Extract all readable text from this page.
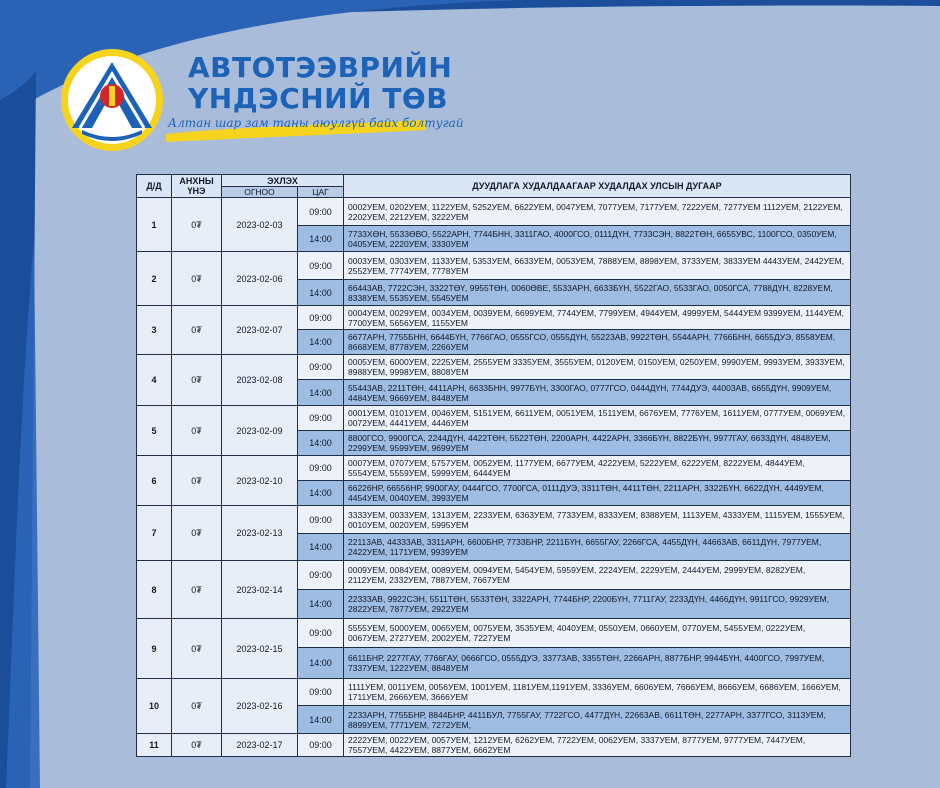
АВТОТЭЭВРИЙН
ҮНДЭСНИЙ ТӨВ
Алтан шар зам таны аюулгүй байх болтугай
Д/Д	АНХНЫ ҮНЭ	ЭХЛЭХ		ДУУДЛАГА ХУДАЛДААГААР ХУДАЛДАХ УЛСЫН ДУГААР
		ОГНОО	ЦАГ	
1	0₮	2023-02-03	09:00	0002УЕМ, 0202УЕМ, 1122УЕМ, 5252УЕМ, 6622УЕМ, 0047УЕМ, 7077УЕМ, 7177УЕМ, 7222УЕМ, 7277УЕМ 1112УЕМ, 2122УЕМ, 2202УЕМ, 2212УЕМ, 3222УЕМ
			14:00	7733ХӨН, 5533ӨВО, 5522АРН, 7744БНН, 3311ГАО, 4000ГСО, 0111ДҮН, 7733СЭН, 8822ТӨН, 6655УВС, 1100ГСО, 0350УЕМ, 0405УЕМ, 2220УЕМ, 3330УЕМ
2	0₮	2023-02-06	09:00	0003УЕМ, 0303УЕМ, 1133УЕМ, 5353УЕМ, 6633УЕМ, 0053УЕМ, 7888УЕМ, 8898УЕМ, 3733УЕМ, 3833УЕМ 4443УЕМ, 2442УЕМ, 2552УЕМ, 7774УЕМ, 7778УЕМ
			14:00	66443АВ, 7722СЭН, 3322ТӨҮ, 9955ТӨН, 0060ӨВЕ, 5533АРН, 6633БҮН, 5522ГАО, 5533ГАО, 0050ГСА, 7788ДҮН, 8228УЕМ, 8338УЕМ, 5535УЕМ, 5545УЕМ
3	0₮	2023-02-07	09:00	0004УЕМ, 0029УЕМ, 0034УЕМ, 0039УЕМ, 6699УЕМ, 7744УЕМ, 7799УЕМ, 4944УЕМ, 4999УЕМ, 5444УЕМ 9399УЕМ, 1144УЕМ, 7700УЕМ, 5656УЕМ, 1155УЕМ
			14:00	6677АРН, 7755БНН, 6644БҮН, 7766ГАО, 0555ГСО, 0555ДҮН, 55223АВ, 9922ТӨН, 5544АРН, 7766БНН, 6655ДУЭ, 8558УЕМ, 8668УЕМ, 8778УЕМ, 2266УЕМ
4	0₮	2023-02-08	09:00	0005УЕМ, 6000УЕМ, 2225УЕМ, 2555УЕМ 3335УЕМ, 3555УЕМ, 0120УЕМ, 0150УЕМ, 0250УЕМ, 9990УЕМ, 9993УЕМ, 3933УЕМ, 8988УЕМ, 9998УЕМ, 8808УЕМ
			14:00	55443АВ, 2211ТӨН, 4411АРН, 6633БНН, 9977БҮН, 3300ГАО, 0777ГСО, 0444ДҮН, 7744ДУЭ, 44003АВ, 6655ДҮН, 9909УЕМ, 4484УЕМ, 9669УЕМ, 8448УЕМ
5	0₮	2023-02-09	09:00	0001УЕМ, 0101УЕМ, 0046УЕМ, 5151УЕМ, 6611УЕМ, 0051УЕМ, 1511УЕМ, 6676УЕМ, 7776УЕМ, 1611УЕМ, 0777УЕМ, 0069УЕМ, 0072УЕМ, 4441УЕМ, 4446УЕМ
			14:00	8800ГСО, 9900ГСА, 2244ДҮН, 4422ТӨН, 5522ТӨН, 2200АРН, 4422АРН, 3366БҮН, 8822БҮН, 9977ГАУ, 6633ДҮН, 4848УЕМ, 2299УЕМ, 9599УЕМ, 9699УЕМ
6	0₮	2023-02-10	09:00	0007УЕМ, 0707УЕМ, 5757УЕМ, 0052УЕМ, 1177УЕМ, 6677УЕМ, 4222УЕМ, 5222УЕМ, 6222УЕМ, 8222УЕМ, 4844УЕМ, 5554УЕМ, 5559УЕМ, 5999УЕМ, 6444УЕМ
			14:00	66226НР, 66556НР, 9900ГАУ, 0444ГСО, 7700ГСА, 0111ДУЭ, 3311ТӨН, 4411ТӨН, 2211АРН, 3322БҮН, 6622ДҮН, 4449УЕМ, 4454УЕМ, 0040УЕМ, 3993УЕМ
7	0₮	2023-02-13	09:00	3333УЕМ, 0033УЕМ, 1313УЕМ, 2233УЕМ, 6363УЕМ, 7733УЕМ, 8333УЕМ, 8388УЕМ, 1113УЕМ, 4333УЕМ, 1115УЕМ, 1555УЕМ, 0010УЕМ, 0020УЕМ, 5995УЕМ
			14:00	22113АВ, 44333АВ, 3311АРН, 6600БНР, 7733БНР, 2211БҮН, 6655ГАУ, 2266ГСА, 4455ДҮН, 44663АВ, 6611ДҮН, 7977УЕМ, 2422УЕМ, 1171УЕМ, 9939УЕМ
8	0₮	2023-02-14	09:00	0009УЕМ, 0084УЕМ, 0089УЕМ, 0094УЕМ, 5454УЕМ, 5959УЕМ, 2224УЕМ, 2229УЕМ, 2444УЕМ, 2999УЕМ, 8282УЕМ, 2112УЕМ, 2332УЕМ, 7887УЕМ, 7667УЕМ
			14:00	22333АВ, 9922СЭН, 5511ТӨН, 5533ТӨН, 3322АРН, 7744БНР, 2200БҮН, 7711ГАУ, 2233ДҮН, 4466ДҮН, 9911ГСО, 9929УЕМ, 2822УЕМ, 7877УЕМ, 2922УЕМ
9	0₮	2023-02-15	09:00	5555УЕМ, 5000УЕМ, 0065УЕМ, 0075УЕМ, 3535УЕМ, 4040УЕМ, 0550УЕМ, 0660УЕМ, 0770УЕМ, 5455УЕМ, 0222УЕМ, 0067УЕМ, 2727УЕМ, 2002УЕМ, 7227УЕМ
			14:00	6611БНР, 2277ГАУ, 7766ГАУ, 0666ГСО, 0555ДУЭ, 33773АВ, 3355ТӨН, 2266АРН, 8877БНР, 9944БҮН, 4400ГСО, 7997УЕМ, 7337УЕМ, 1222УЕМ, 8848УЕМ
10	0₮	2023-02-16	09:00	1111УЕМ, 0011УЕМ, 0056УЕМ, 1001УЕМ, 1181УЕМ,1191УЕМ, 3336УЕМ, 6606УЕМ, 7666УЕМ, 8666УЕМ, 6686УЕМ, 1666УЕМ, 1711УЕМ, 2666УЕМ, 3666УЕМ
			14:00	2233АРН, 7755БНР, 8844БНР, 4411БУЛ, 7755ГАУ, 7722ГСО, 4477ДҮН, 22663АВ, 6611ТӨН, 2277АРН, 3377ГСО, 3113УЕМ, 8899УЕМ, 7771УЕМ, 7272УЕМ,
11	0₮	2023-02-17	09:00	2222УЕМ, 0022УЕМ, 0057УЕМ, 1212УЕМ, 6262УЕМ, 7722УЕМ, 0062УЕМ, 3337УЕМ, 8777УЕМ, 9777УЕМ, 7447УЕМ, 7557УЕМ, 4422УЕМ, 8877УЕМ, 6662УЕМ
